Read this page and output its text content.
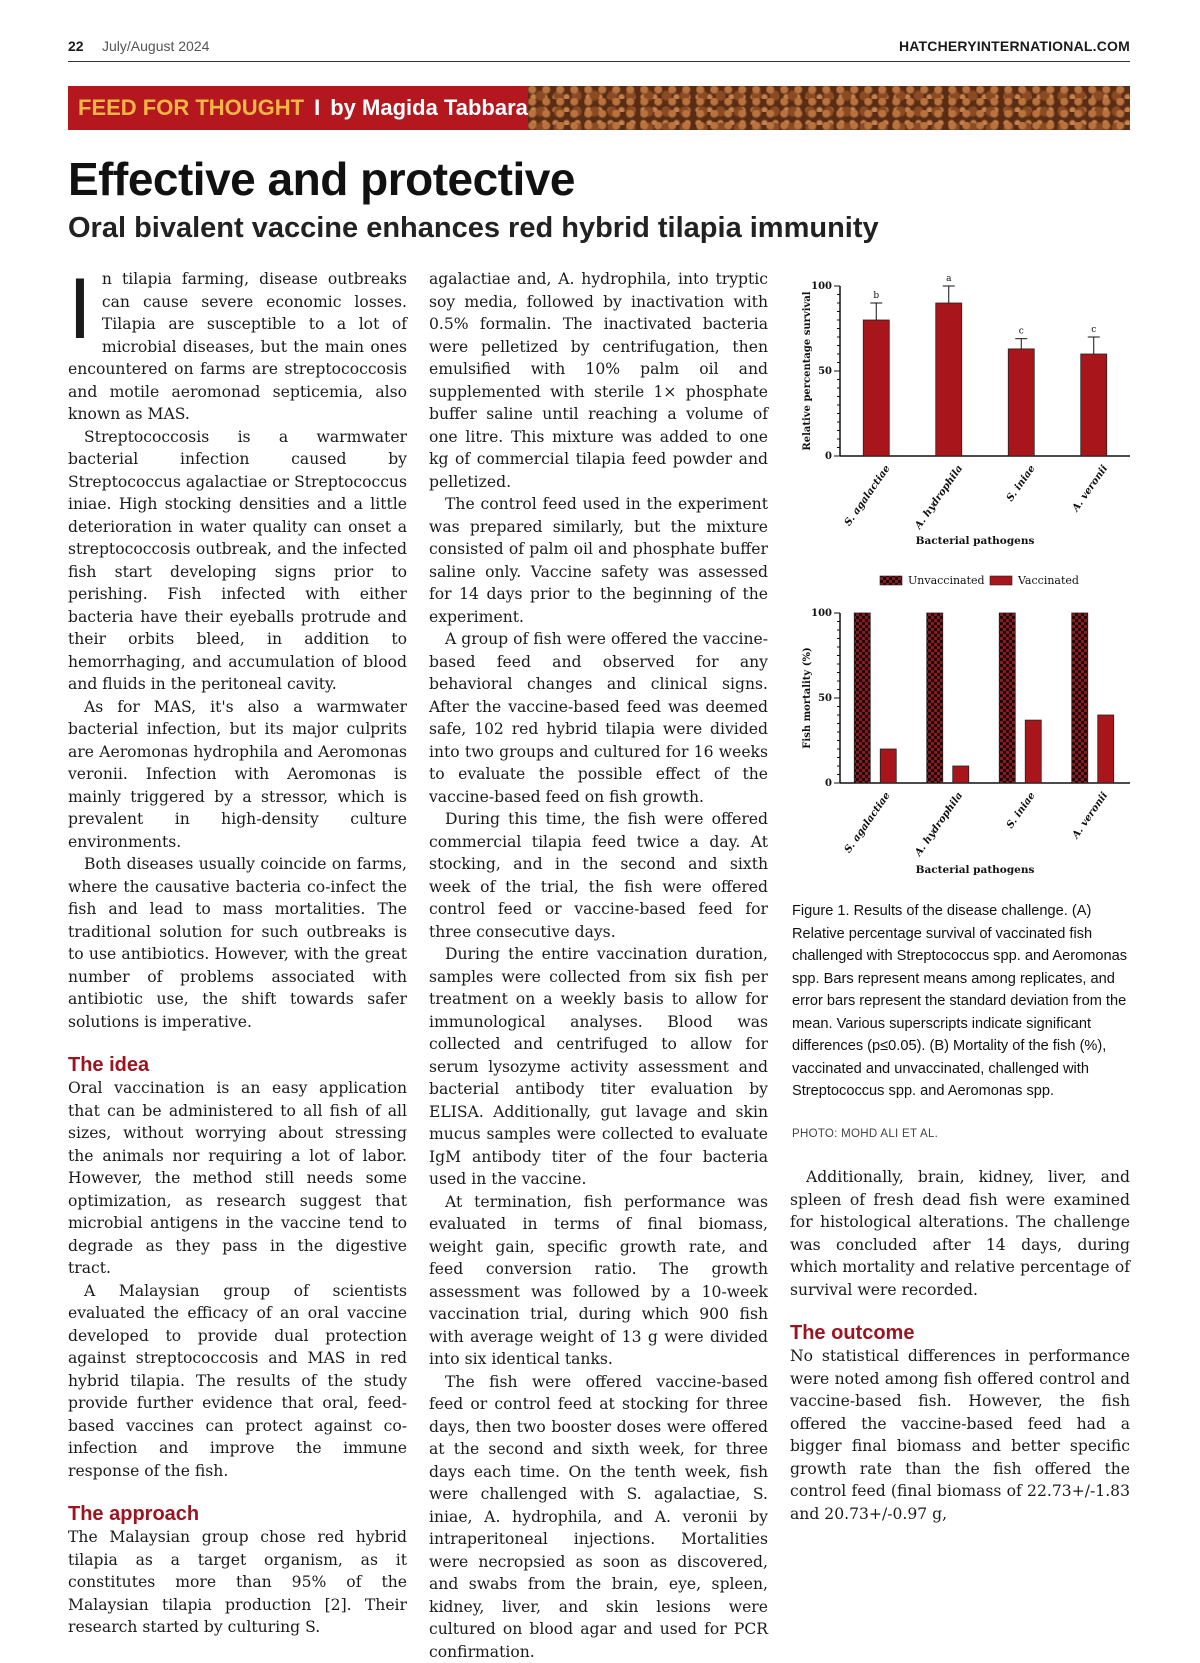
22 July/August 2024	HATCHERYINTERNATIONAL.COM
FEED FOR THOUGHT I by Magida Tabbara
Effective and protective
Oral bivalent vaccine enhances red hybrid tilapia immunity

In tilapia farming, disease outbreaks can cause severe economic losses. Tilapia are susceptible to a lot of microbial diseases, but the main ones encountered on farms are streptococcosis and motile aeromonad septicemia, also known as MAS.

Streptococcosis is a warmwater bacterial infection caused by Streptococcus agalactiae or Streptococcus iniae. High stocking densities and a little deterioration in water quality can onset a streptococcosis outbreak, and the infected fish start developing signs prior to perishing. Fish infected with either bacteria have their eyeballs protrude and their orbits bleed, in addition to hemorrhaging, and accumulation of blood and fluids in the peritoneal cavity.

As for MAS, it's also a warmwater bacterial infection, but its major culprits are Aeromonas hydrophila and Aeromonas veronii. Infection with Aeromonas is mainly triggered by a stressor, which is prevalent in high-density culture environments.

Both diseases usually coincide on farms, where the causative bacteria co-infect the fish and lead to mass mortalities. The traditional solution for such outbreaks is to use antibiotics. However, with the great number of problems associated with antibiotic use, the shift towards safer solutions is imperative.

The idea

Oral vaccination is an easy application that can be administered to all fish of all sizes, without worrying about stressing the animals nor requiring a lot of labor. However, the method still needs some optimization, as research suggest that microbial antigens in the vaccine tend to degrade as they pass in the digestive tract.

A Malaysian group of scientists evaluated the efficacy of an oral vaccine developed to provide dual protection against streptococcosis and MAS in red hybrid tilapia. The results of the study provide further evidence that oral, feed-based vaccines can protect against co-infection and improve the immune response of the fish.

The approach

The Malaysian group chose red hybrid tilapia as a target organism, as it constitutes more than 95% of the Malaysian tilapia production [2]. Their research started by culturing S.

agalactiae and, A. hydrophila, into tryptic soy media, followed by inactivation with 0.5% formalin. The inactivated bacteria were pelletized by centrifugation, then emulsified with 10% palm oil and supplemented with sterile 1× phosphate buffer saline until reaching a volume of one litre. This mixture was added to one kg of commercial tilapia feed powder and pelletized.

The control feed used in the experiment was prepared similarly, but the mixture consisted of palm oil and phosphate buffer saline only. Vaccine safety was assessed for 14 days prior to the beginning of the experiment.

A group of fish were offered the vaccine-based feed and observed for any behavioral changes and clinical signs. After the vaccine-based feed was deemed safe, 102 red hybrid tilapia were divided into two groups and cultured for 16 weeks to evaluate the possible effect of the vaccine-based feed on fish growth.

During this time, the fish were offered commercial tilapia feed twice a day. At stocking, and in the second and sixth week of the trial, the fish were offered control feed or vaccine-based feed for three consecutive days.

During the entire vaccination duration, samples were collected from six fish per treatment on a weekly basis to allow for immunological analyses. Blood was collected and centrifuged to allow for serum lysozyme activity assessment and bacterial antibody titer evaluation by ELISA. Additionally, gut lavage and skin mucus samples were collected to evaluate IgM antibody titer of the four bacteria used in the vaccine.

At termination, fish performance was evaluated in terms of final biomass, weight gain, specific growth rate, and feed conversion ratio. The growth assessment was followed by a 10-week vaccination trial, during which 900 fish with average weight of 13 g were divided into six identical tanks.

The fish were offered vaccine-based feed or control feed at stocking for three days, then two booster doses were offered at the second and sixth week, for three days each time. On the tenth week, fish were challenged with S. agalactiae, S. iniae, A. hydrophila, and A. veronii by intraperitoneal injections. Mortalities were necropsied as soon as discovered, and swabs from the brain, eye, spleen, kidney, liver, and skin lesions were cultured on blood agar and used for PCR confirmation.

0
50
100
Relative percentage survival	b
S. agalactiae
a
A. hydrophila
c
S. iniae
c
A. veronii
Bacterial pathogens
Unvaccinated	Vaccinated
0
50
100
Fish mortality (%)
S. agalactiae A. hydrophila	S. iniae	A. veronii
Bacterial pathogens
Figure 1. Results of the disease challenge. (A) Relative percentage survival of vaccinated fish challenged with Streptococcus spp. and Aeromonas spp. Bars represent means among replicates, and error bars represent the standard deviation from the mean. Various superscripts indicate significant differences (p≤0.05). (B) Mortality of the fish (%), vaccinated and unvaccinated, challenged with Streptococcus spp. and Aeromonas spp.
PHOTO: MOHD ALI ET AL.

Additionally, brain, kidney, liver, and spleen of fresh dead fish were examined for histological alterations. The challenge was concluded after 14 days, during which mortality and relative percentage of survival were recorded.

The outcome

No statistical differences in performance were noted among fish offered control and vaccine-based fish. However, the fish offered the vaccine-based feed had a bigger final biomass and better specific growth rate than the fish offered the control feed (final biomass of 22.73+/-1.83 and 20.73+/-0.97 g,
